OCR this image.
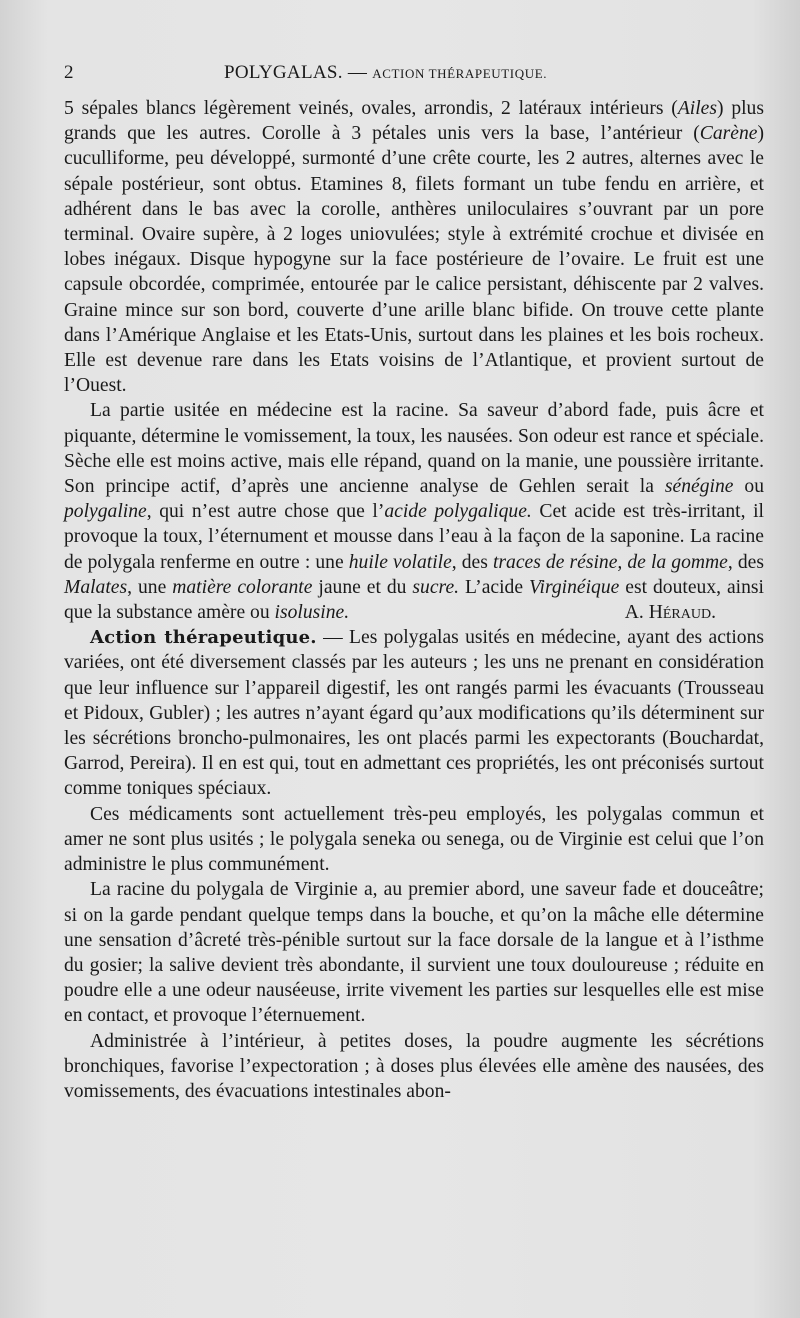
2	POLYGALAS. — ACTION THÉRAPEUTIQUE.

5 sépales blancs légèrement veinés, ovales, arrondis, 2 latéraux intérieurs (Ailes) plus grands que les autres. Corolle à 3 pétales unis vers la base, l’antérieur (Carène) cuculliforme, peu développé, surmonté d’une crête courte, les 2 autres, alternes avec le sépale postérieur, sont obtus. Etamines 8, filets formant un tube fendu en arrière, et adhérent dans le bas avec la corolle, anthères uniloculaires s’ouvrant par un pore terminal. Ovaire supère, à 2 loges uniovulées; style à extrémité crochue et divisée en lobes inégaux. Disque hypogyne sur la face postérieure de l’ovaire. Le fruit est une capsule obcordée, comprimée, entourée par le calice persistant, déhiscente par 2 valves. Graine mince sur son bord, couverte d’une arille blanc bifide. On trouve cette plante dans l’Amérique Anglaise et les Etats-Unis, surtout dans les plaines et les bois rocheux. Elle est devenue rare dans les Etats voisins de l’Atlantique, et provient surtout de l’Ouest.

La partie usitée en médecine est la racine. Sa saveur d’abord fade, puis âcre et piquante, détermine le vomissement, la toux, les nausées. Son odeur est rance et spéciale. Sèche elle est moins active, mais elle répand, quand on la manie, une poussière irritante. Son principe actif, d’après une ancienne analyse de Gehlen serait la sénégine ou polygaline, qui n’est autre chose que l’acide polygalique. Cet acide est très-irritant, il provoque la toux, l’éternument et mousse dans l’eau à la façon de la saponine. La racine de polygala renferme en outre : une huile volatile, des traces de résine, de la gomme, des Malates, une matière colorante jaune et du sucre. L’acide Virginéique est douteux, ainsi que la substance amère ou isolusine.	A. Héraud.

Action thérapeutique. — Les polygalas usités en médecine, ayant des actions variées, ont été diversement classés par les auteurs ; les uns ne prenant en considération que leur influence sur l’appareil digestif, les ont rangés parmi les évacuants (Trousseau et Pidoux, Gubler) ; les autres n’ayant égard qu’aux modifications qu’ils déterminent sur les sécrétions broncho-pulmonaires, les ont placés parmi les expectorants (Bouchardat, Garrod, Pereira). Il en est qui, tout en admettant ces propriétés, les ont préconisés surtout comme toniques spéciaux.

Ces médicaments sont actuellement très-peu employés, les polygalas commun et amer ne sont plus usités ; le polygala seneka ou senega, ou de Virginie est celui que l’on administre le plus communément.

La racine du polygala de Virginie a, au premier abord, une saveur fade et douceâtre; si on la garde pendant quelque temps dans la bouche, et qu’on la mâche elle détermine une sensation d’âcreté très-pénible surtout sur la face dorsale de la langue et à l’isthme du gosier; la salive devient très abondante, il survient une toux douloureuse ; réduite en poudre elle a une odeur nauséeuse, irrite vivement les parties sur lesquelles elle est mise en contact, et provoque l’éternuement.

Administrée à l’intérieur, à petites doses, la poudre augmente les sécrétions bronchiques, favorise l’expectoration ; à doses plus élevées elle amène des nausées, des vomissements, des évacuations intestinales abon-
